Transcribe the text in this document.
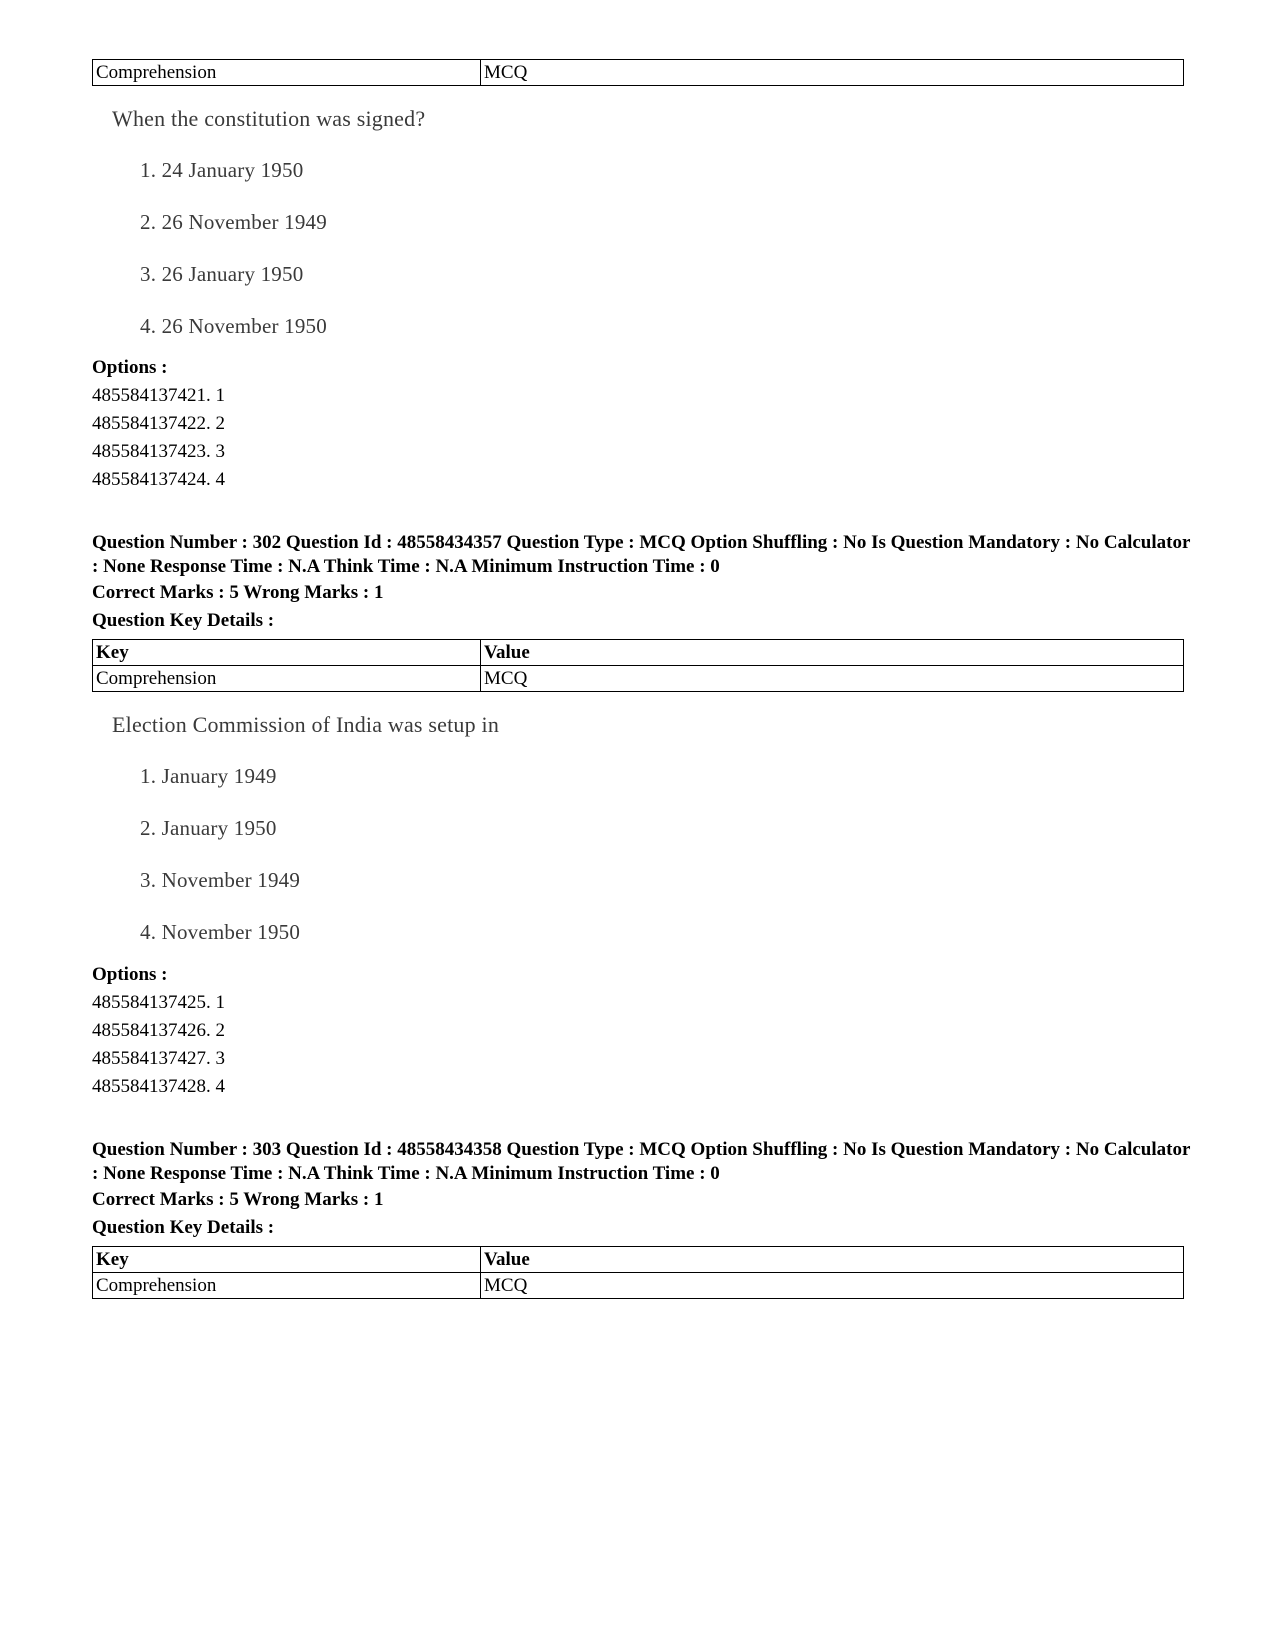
Comprehension	MCQ
When the constitution was signed?
1. 24 January 1950
2. 26 November 1949
3. 26 January 1950
4. 26 November 1950
Options :
485584137421. 1
485584137422. 2
485584137423. 3
485584137424. 4
Question Number : 302 Question Id : 48558434357 Question Type : MCQ Option Shuffling : No Is Question Mandatory : No Calculator : None Response Time : N.A Think Time : N.A Minimum Instruction Time : 0
Correct Marks : 5 Wrong Marks : 1
Question Key Details :
Key	Value
Comprehension	MCQ
Election Commission of India was setup in
1. January 1949
2. January 1950
3. November 1949
4. November 1950
Options :
485584137425. 1
485584137426. 2
485584137427. 3
485584137428. 4
Question Number : 303 Question Id : 48558434358 Question Type : MCQ Option Shuffling : No Is Question Mandatory : No Calculator : None Response Time : N.A Think Time : N.A Minimum Instruction Time : 0
Correct Marks : 5 Wrong Marks : 1
Question Key Details :
Key	Value
Comprehension	MCQ
